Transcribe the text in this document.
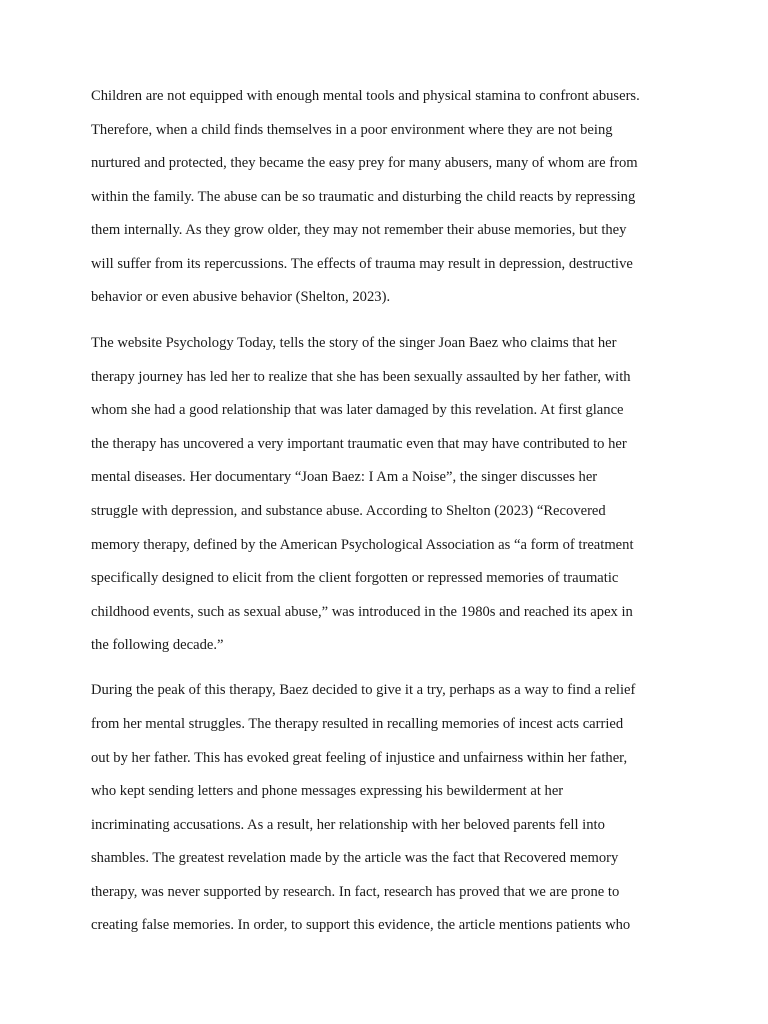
Children are not equipped with enough mental tools and physical stamina to confront abusers.
Therefore, when a child finds themselves in a poor environment where they are not being
nurtured and protected, they became the easy prey for many abusers, many of whom are from
within the family. The abuse can be so traumatic and disturbing the child reacts by repressing
them internally. As they grow older, they may not remember their abuse memories, but they
will suffer from its repercussions. The effects of trauma may result in depression, destructive
behavior or even abusive behavior (Shelton, 2023).
The website Psychology Today, tells the story of the singer Joan Baez who claims that her
therapy journey has led her to realize that she has been sexually assaulted by her father, with
whom she had a good relationship that was later damaged by this revelation. At first glance
the therapy has uncovered a very important traumatic even that may have contributed to her
mental diseases. Her documentary “Joan Baez: I Am a Noise”, the singer discusses her
struggle with depression, and substance abuse. According to Shelton (2023) “Recovered
memory therapy, defined by the American Psychological Association as “a form of treatment
specifically designed to elicit from the client forgotten or repressed memories of traumatic
childhood events, such as sexual abuse,” was introduced in the 1980s and reached its apex in
the following decade.”
During the peak of this therapy, Baez decided to give it a try, perhaps as a way to find a relief
from her mental struggles. The therapy resulted in recalling memories of incest acts carried
out by her father. This has evoked great feeling of injustice and unfairness within her father,
who kept sending letters and phone messages expressing his bewilderment at her
incriminating accusations. As a result, her relationship with her beloved parents fell into
shambles. The greatest revelation made by the article was the fact that Recovered memory
therapy, was never supported by research. In fact, research has proved that we are prone to
creating false memories. In order, to support this evidence, the article mentions patients who
